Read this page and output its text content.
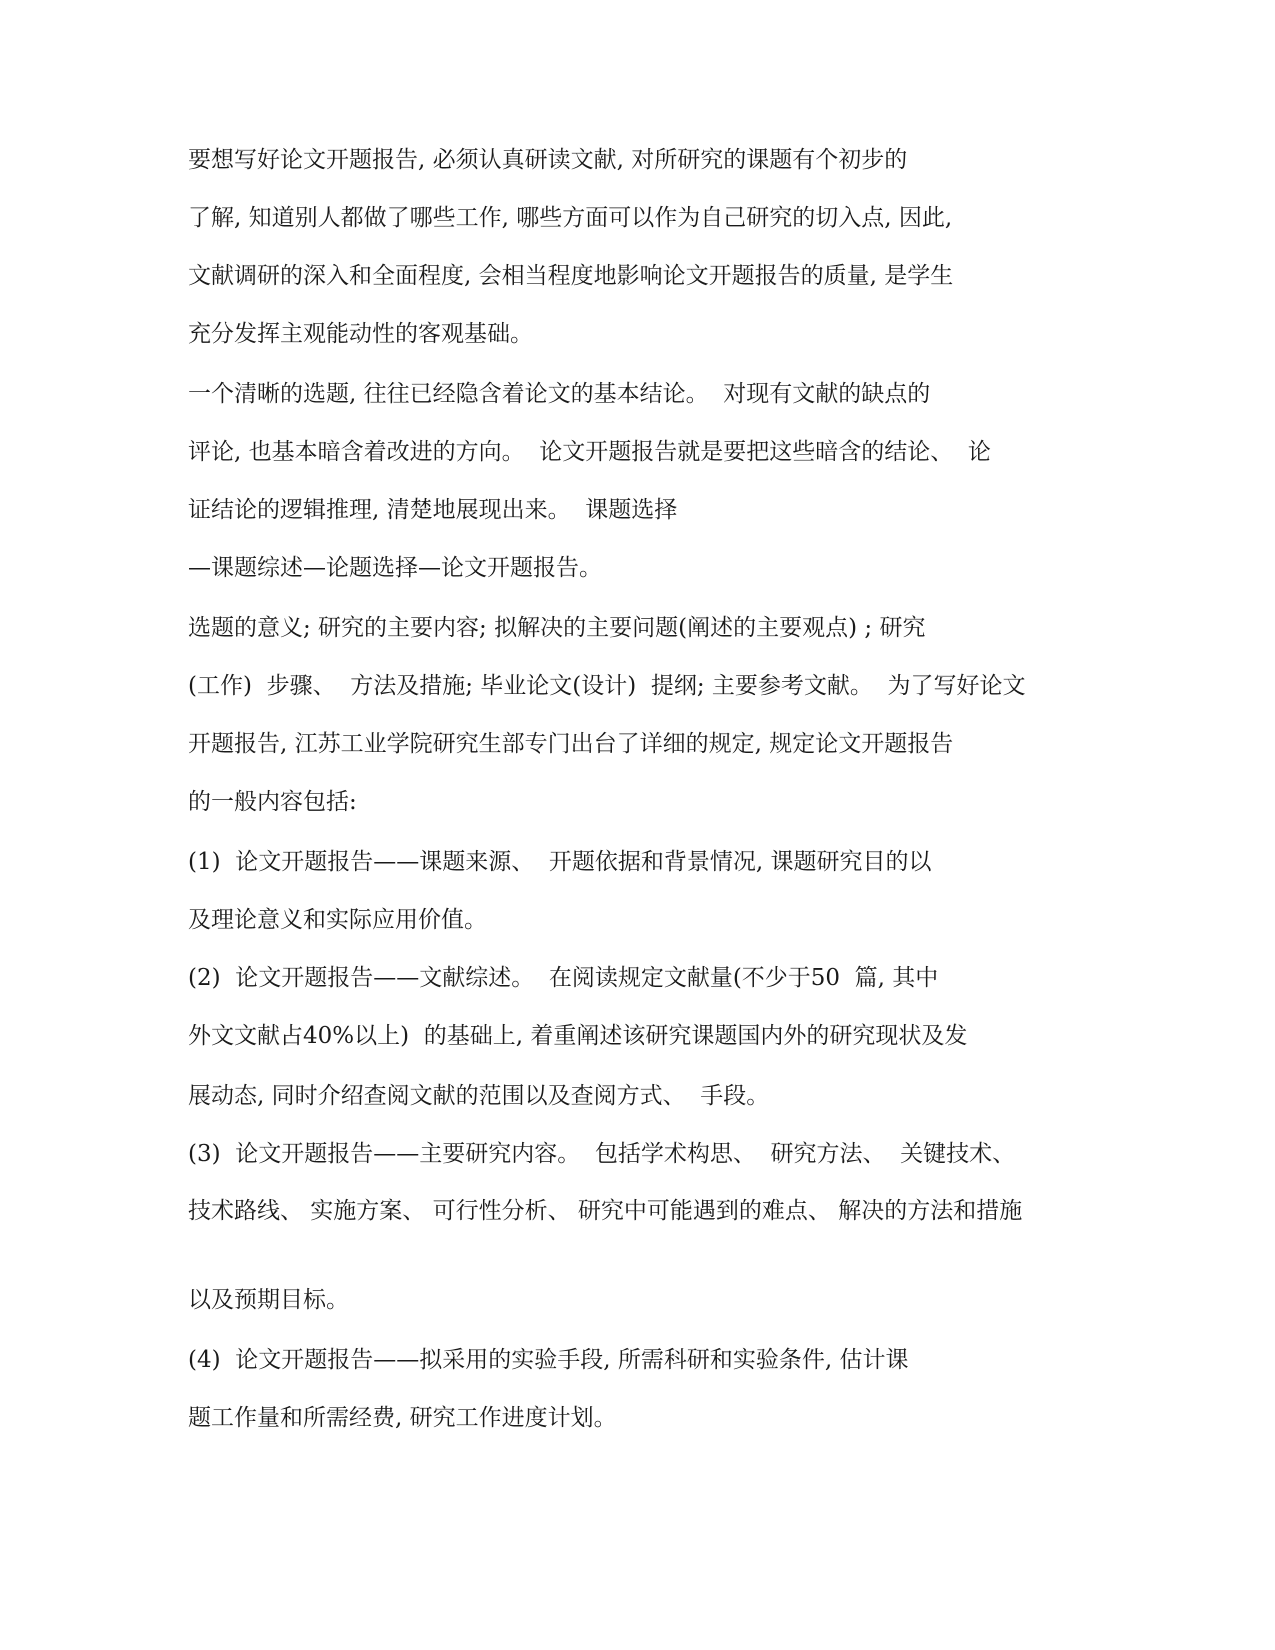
要想写好论文开题报告, 必须认真研读文献, 对所研究的课题有个初步的

了解, 知道别人都做了哪些工作, 哪些方面可以作为自己研究的切入点, 因此,

文献调研的深入和全面程度, 会相当程度地影响论文开题报告的质量, 是学生

充分发挥主观能动性的客观基础。

一个清晰的选题, 往往已经隐含着论文的基本结论。  对现有文献的缺点的

评论, 也基本暗含着改进的方向。  论文开题报告就是要把这些暗含的结论、  论

证结论的逻辑推理, 清楚地展现出来。  课题选择

—课题综述—论题选择—论文开题报告。

选题的意义; 研究的主要内容; 拟解决的主要问题(阐述的主要观点) ; 研究

(工作)  步骤、  方法及措施; 毕业论文(设计)  提纲; 主要参考文献。  为了写好论文

开题报告, 江苏工业学院研究生部专门出台了详细的规定, 规定论文开题报告

的一般内容包括:

(1)  论文开题报告——课题来源、  开题依据和背景情况, 课题研究目的以

及理论意义和实际应用价值。

(2)  论文开题报告——文献综述。  在阅读规定文献量(不少于50  篇, 其中

外文文献占40%以上)  的基础上, 着重阐述该研究课题国内外的研究现状及发

展动态, 同时介绍查阅文献的范围以及查阅方式、  手段。

(3)  论文开题报告——主要研究内容。  包括学术构思、  研究方法、  关键技术、

技术路线、 实施方案、 可行性分析、 研究中可能遇到的难点、 解决的方法和措施

以及预期目标。

(4)  论文开题报告——拟采用的实验手段, 所需科研和实验条件, 估计课

题工作量和所需经费, 研究工作进度计划。
